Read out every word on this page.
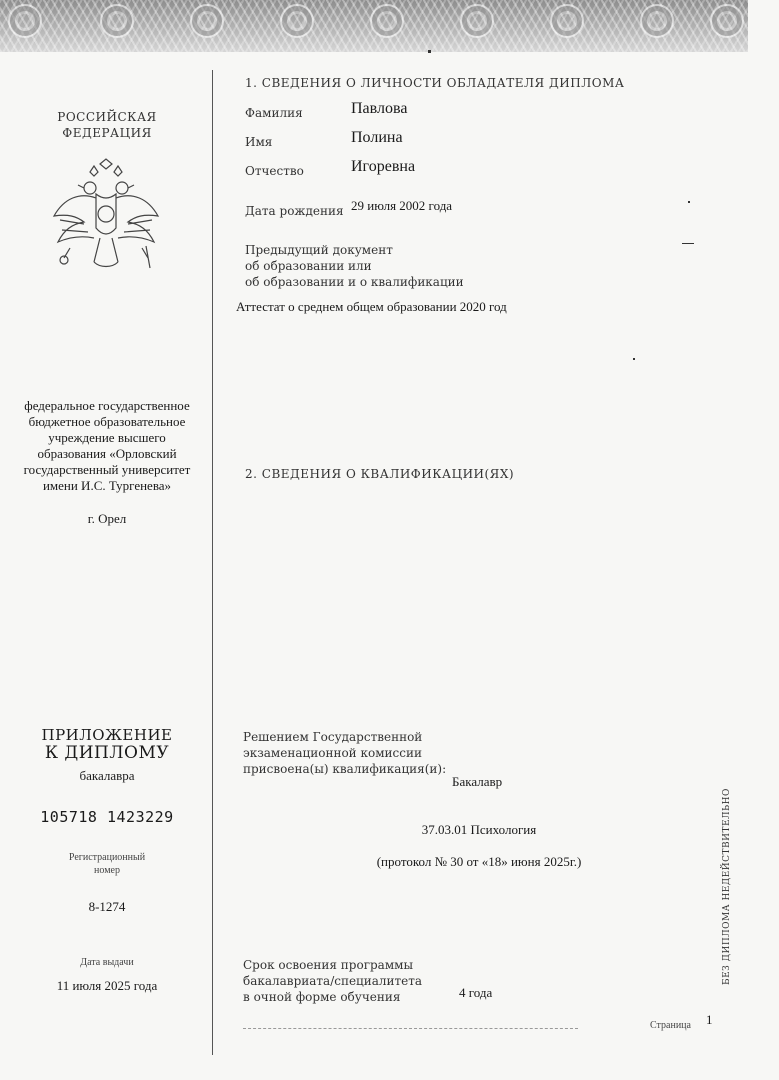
РОССИЙСКАЯ
ФЕДЕРАЦИЯ
федеральное государственное
бюджетное образовательное
учреждение высшего
образования «Орловский
государственный университет
имени И.С. Тургенева»
г. Орел
ПРИЛОЖЕНИЕ
К ДИПЛОМУ
бакалавра
105718 1423229
Регистрационный
номер
8-1274
Дата выдачи
11 июля 2025 года
1. СВЕДЕНИЯ О ЛИЧНОСТИ ОБЛАДАТЕЛЯ ДИПЛОМА
Фамилия	Павлова
Имя	Полина
Отчество	Игоревна
Дата рождения 29 июля 2002 года
Предыдущий документ
об образовании или
об образовании и о квалификации
Аттестат о среднем общем образовании 2020 год
2. СВЕДЕНИЯ О КВАЛИФИКАЦИИ(ЯХ)
Решением Государственной
экзаменационной комиссии
присвоена(ы) квалификация(и):
Бакалавр
37.03.01 Психология
(протокол № 30 от «18» июня 2025г.)
Срок освоения программы
бакалавриата/специалитета
в очной форме обучения	4 года
Страница 1
БЕЗ ДИПЛОМА НЕДЕЙСТВИТЕЛЬНО
